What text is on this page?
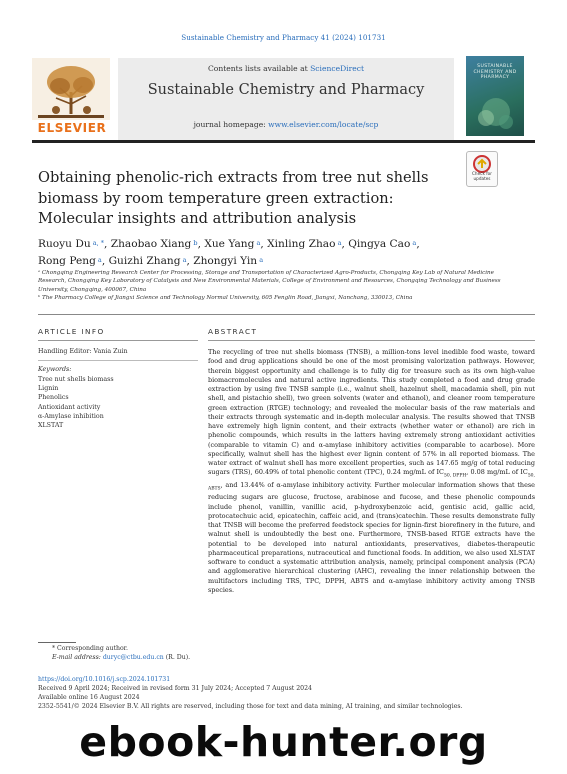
Sustainable Chemistry and Pharmacy 41 (2024) 101731
ELSEVIER
Contents lists available at ScienceDirect
Sustainable Chemistry and Pharmacy
journal homepage: www.elsevier.com/locate/scp
SUSTAINABLE CHEMISTRY AND PHARMACY
Check for updates
Obtaining phenolic-rich extracts from tree nut shells biomass by room temperature green extraction: Molecular insights and attribution analysis
Ruoyu Du $^{a, *}$, Zhaobao Xiang $^b$, Xue Yang $^a$, Xinling Zhao $^a$, Qingya Cao $^a$,
Rong Peng $^a$, Guizhi Zhang $^a$, Zhongyi Yin $^a$
ᵃ Chongqing Engineering Research Center for Processing, Storage and Transportation of Characterized Agro-Products, Chongqing Key Lab of Natural Medicine Research, Chongqing Key Laboratory of Catalysis and New Environmental Materials, College of Environment and Resources, Chongqing Technology and Business University, Chongqing, 400067, China
ᵇ The Pharmacy College of Jiangxi Science and Technology Normal University, 605 Fenglin Road, Jiangxi, Nanchang, 330013, China
ARTICLE INFO
Handling Editor: Vania Zuin
Keywords:
Tree nut shells biomass
Lignin
Phenolics
Antioxidant activity
α-Amylase inhibition
XLSTAT
ABSTRACT
The recycling of tree nut shells biomass (TNSB), a million-tons level inedible food waste, toward food and drug applications should be one of the most promising valorization pathways. However, therein biggest opportunity and challenge is to fully dig for treasure such as its own high-value biomacromolecules and natural active ingredients. This study completed a food and drug grade extraction by using five TNSB sample (i.e., walnut shell, hazelnut shell, macadamia shell, pin nut shell, and pistachio shell), two green solvents (water and ethanol), and cleaner room temperature green extraction (RTGE) technology; and revealed the molecular basis of the raw materials and their extracts through systematic and in-depth molecular analysis. The results showed that TNSB have extremely high lignin content, and their extracts (whether water or ethanol) are rich in phenolic compounds, which results in the latters having extremely strong antioxidant activities (comparable to vitamin C) and α-amylase inhibitory activities (comparable to acarbose). More specifically, walnut shell has the highest ever lignin content of 57% in all reported biomass. The water extract of walnut shell has more excellent properties, such as 147.65 mg/g of total reducing sugars (TRS), 60.49% of total phenolic content (TPC), 0.24 mg/mL of $IC_{50, DPPH}$, 0.08 mg/mL of $IC_{50, ABTS}$, and 13.44% of α-amylase inhibitory activity. Further molecular information shows that these reducing sugars are glucose, fructose, arabinose and fucose, and these phenolic compounds include phenol, vanillin, vanillic acid, p-hydroxybenzoic acid, gentisic acid, gallic acid, protocatechuic acid, epicatechin, caffeic acid, and (trans)catechin. These results demonstrate fully that TNSB will become the preferred feedstock species for lignin-first biorefinery in the future, and walnut shell is undoubtedly the best one. Furthermore, TNSB-based RTGE extracts have the potential to be developed into natural antioxidants, preservatives, diabetes-therapeutic pharmaceutical preparations, nutraceutical and functional foods. In addition, we also used XLSTAT software to conduct a systematic attribution analysis, namely, principal component analysis (PCA) and agglomerative hierarchical clustering (AHC), revealing the inner relationship between the multifactors including TRS, TPC, DPPH, ABTS and α-amylase inhibitory activity among TNSB species.
* Corresponding author.
E-mail address: duryc@ctbu.edu.cn (R. Du).
https://doi.org/10.1016/j.scp.2024.101731
Received 9 April 2024; Received in revised form 31 July 2024; Accepted 7 August 2024
Available online 16 August 2024
2352-5541/© 2024 Elsevier B.V. All rights are reserved, including those for text and data mining, AI training, and similar technologies.
ebook-hunter.org
